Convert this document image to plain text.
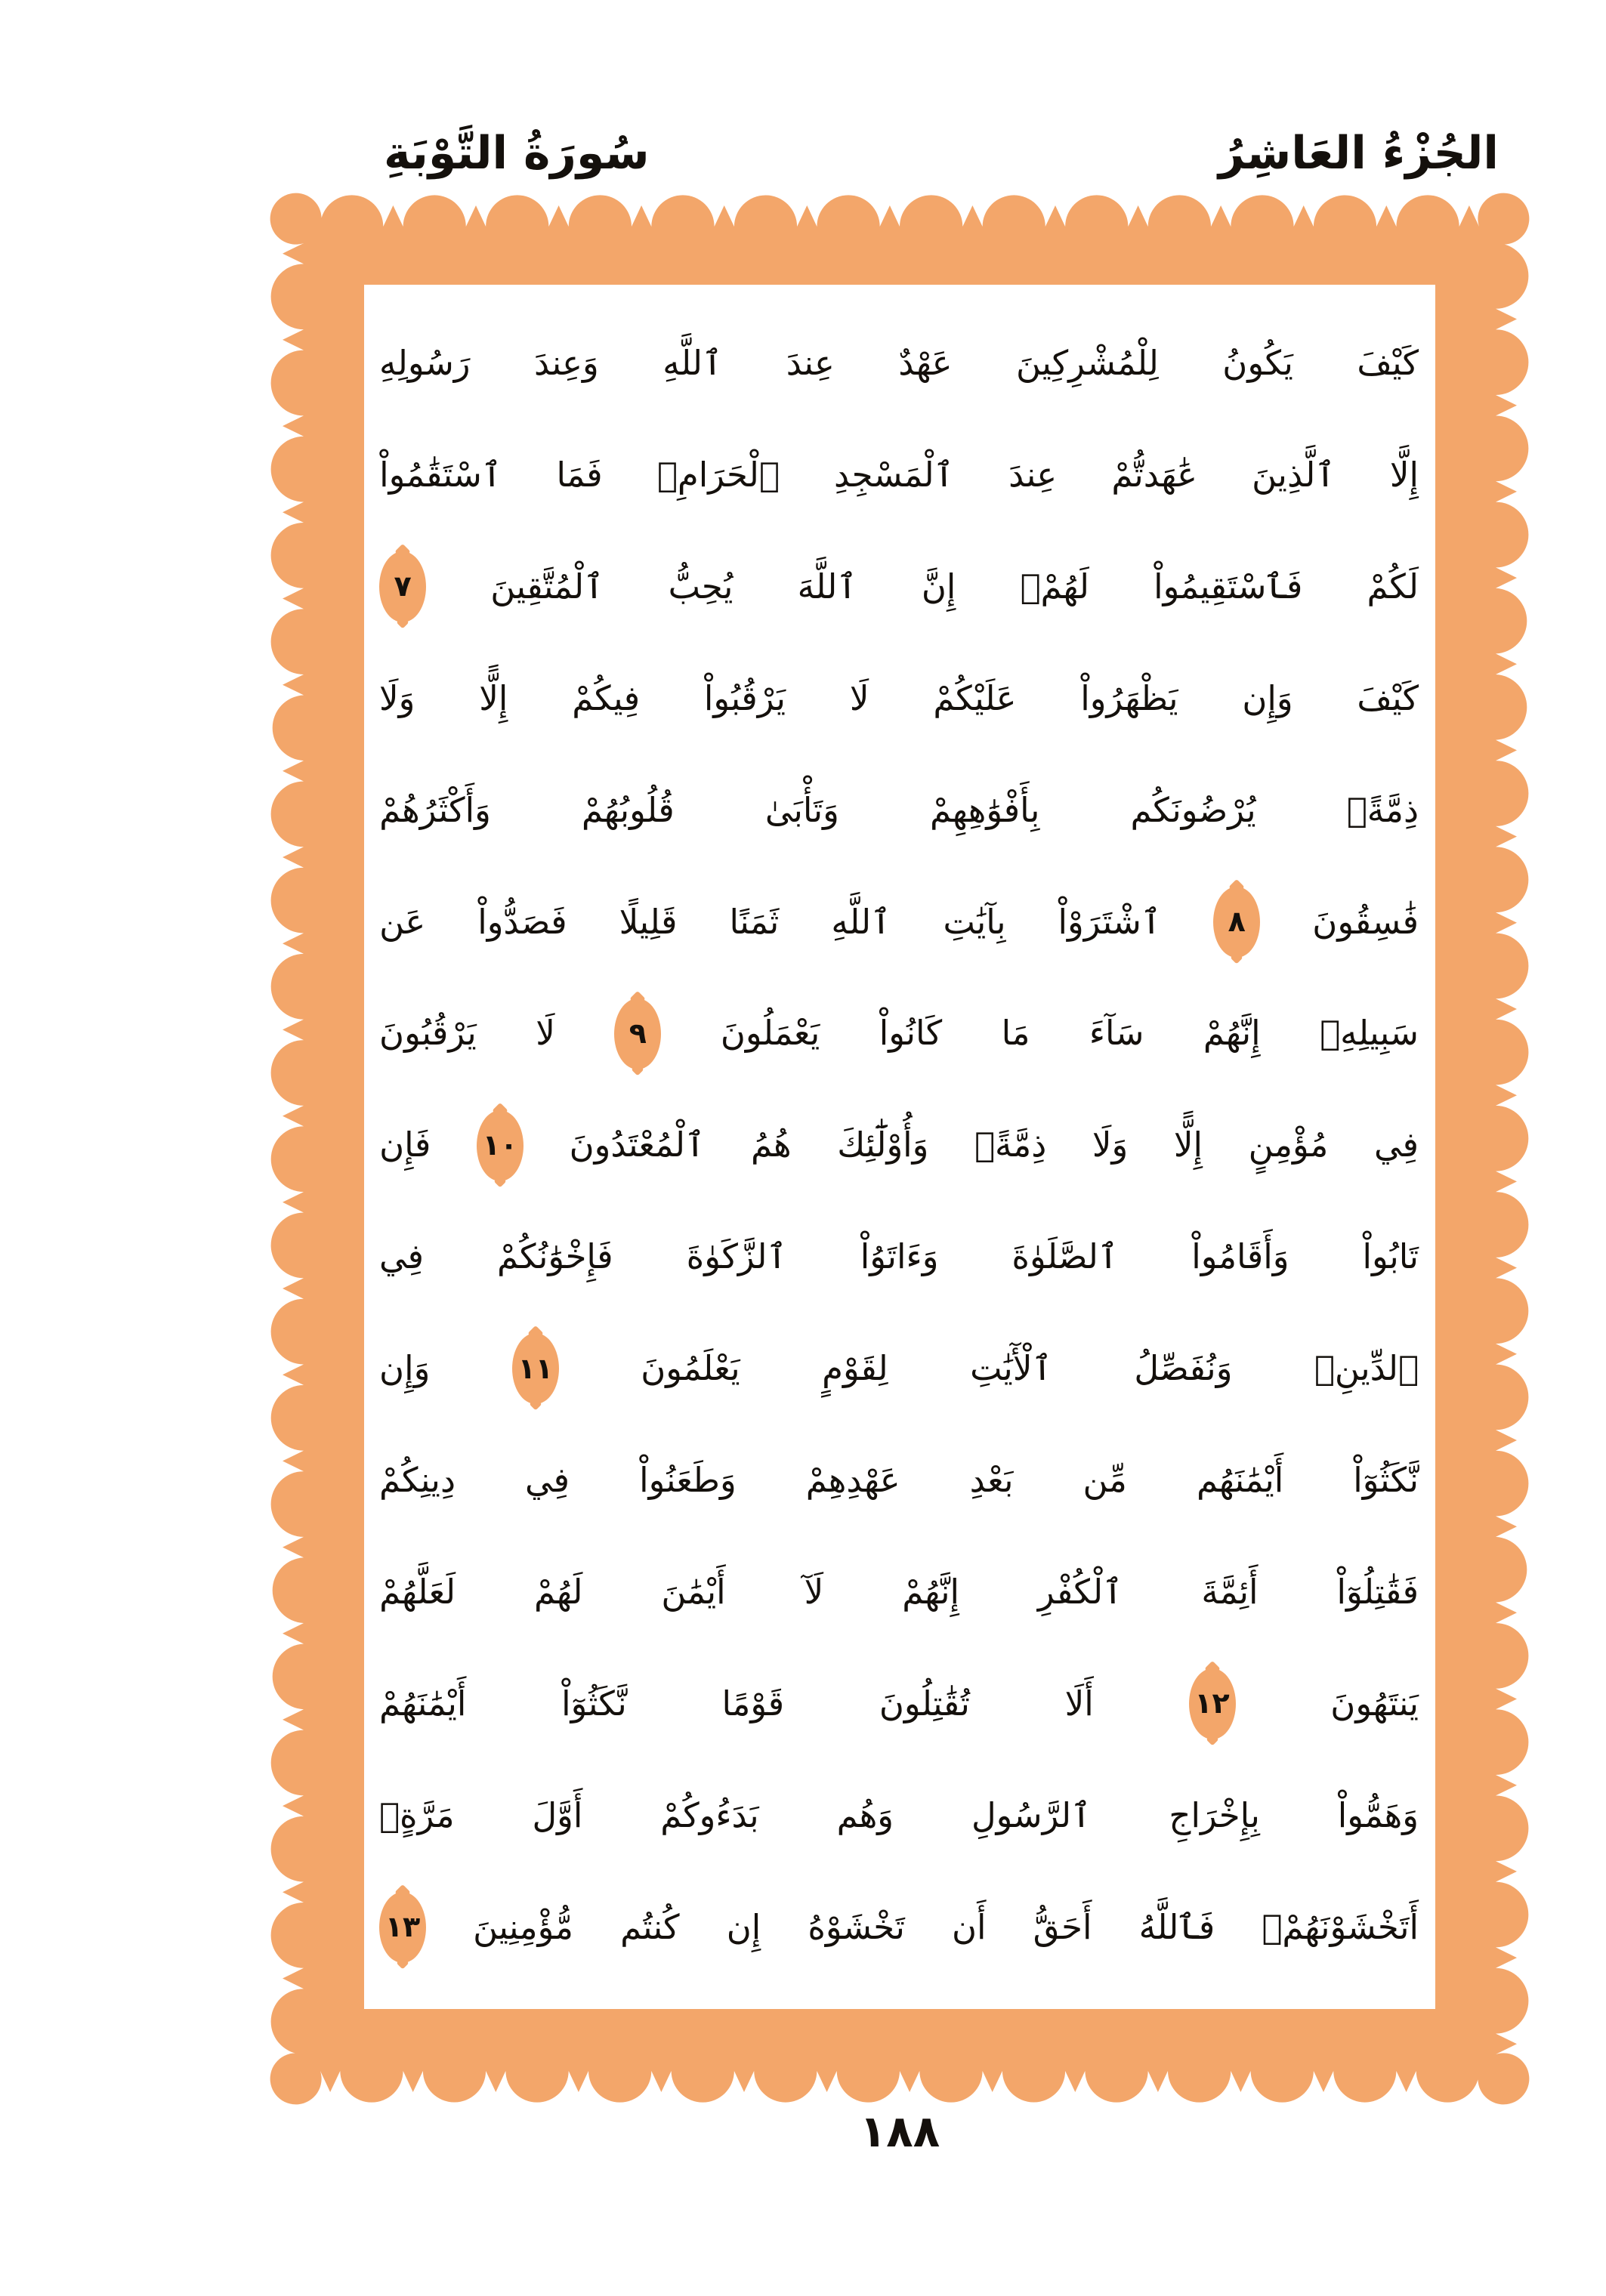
سُورَةُ التَّوْبَةِ	الجُزْءُ العَاشِرُ
كَيْفَ
يَكُونُ
لِلْمُشْرِكِينَ
عَهْدٌ
عِندَ
ٱللَّهِ
وَعِندَ
رَسُولِهِ
إِلَّا
ٱلَّذِينَ
عَٰهَدتُّمْ
عِندَ
ٱلْمَسْجِدِ
ٱلْحَرَامِۖ
فَمَا
ٱسْتَقَٰمُواْ
لَكُمْ
فَٱسْتَقِيمُواْ
لَهُمْۚ
إِنَّ
ٱللَّهَ
يُحِبُّ
ٱلْمُتَّقِينَ
٧
كَيْفَ
وَإِن
يَظْهَرُواْ
عَلَيْكُمْ
لَا
يَرْقُبُواْ
فِيكُمْ
إِلًّا
وَلَا
ذِمَّةًۚ
يُرْضُونَكُم
بِأَفْوَٰهِهِمْ
وَتَأْبَىٰ
قُلُوبُهُمْ
وَأَكْثَرُهُمْ
فَٰسِقُونَ
٨
ٱشْتَرَوْاْ
بِآيَٰتِ
ٱللَّهِ
ثَمَنًا
قَلِيلًا
فَصَدُّواْ
عَن
سَبِيلِهِۚ
إِنَّهُمْ
سَآءَ
مَا
كَانُواْ
يَعْمَلُونَ
٩
لَا
يَرْقُبُونَ
فِي
مُؤْمِنٍ
إِلًّا
وَلَا
ذِمَّةًۚ
وَأُوْلَٰٓئِكَ
هُمُ
ٱلْمُعْتَدُونَ
١٠
فَإِن
تَابُواْ
وَأَقَامُواْ
ٱلصَّلَوٰةَ
وَءَاتَوُاْ
ٱلزَّكَوٰةَ
فَإِخْوَٰنُكُمْ
فِي
ٱلدِّينِۗ
وَنُفَصِّلُ
ٱلْأٓيَٰتِ
لِقَوْمٍ
يَعْلَمُونَ
١١
وَإِن
نَّكَثُوٓاْ
أَيْمَٰنَهُم
مِّن
بَعْدِ
عَهْدِهِمْ
وَطَعَنُواْ
فِي
دِينِكُمْ
فَقَٰتِلُوٓاْ
أَئِمَّةَ
ٱلْكُفْرِ
إِنَّهُمْ
لَآ
أَيْمَٰنَ
لَهُمْ
لَعَلَّهُمْ
يَنتَهُونَ
١٢
أَلَا
تُقَٰتِلُونَ
قَوْمًا
نَّكَثُوٓاْ
أَيْمَٰنَهُمْ
وَهَمُّواْ
بِإِخْرَاجِ
ٱلرَّسُولِ
وَهُم
بَدَءُوكُمْ
أَوَّلَ
مَرَّةٍۚ
أَتَخْشَوْنَهُمْۚ
فَٱللَّهُ
أَحَقُّ
أَن
تَخْشَوْهُ
إِن
كُنتُم
مُّؤْمِنِينَ
١٣
١٨٨
